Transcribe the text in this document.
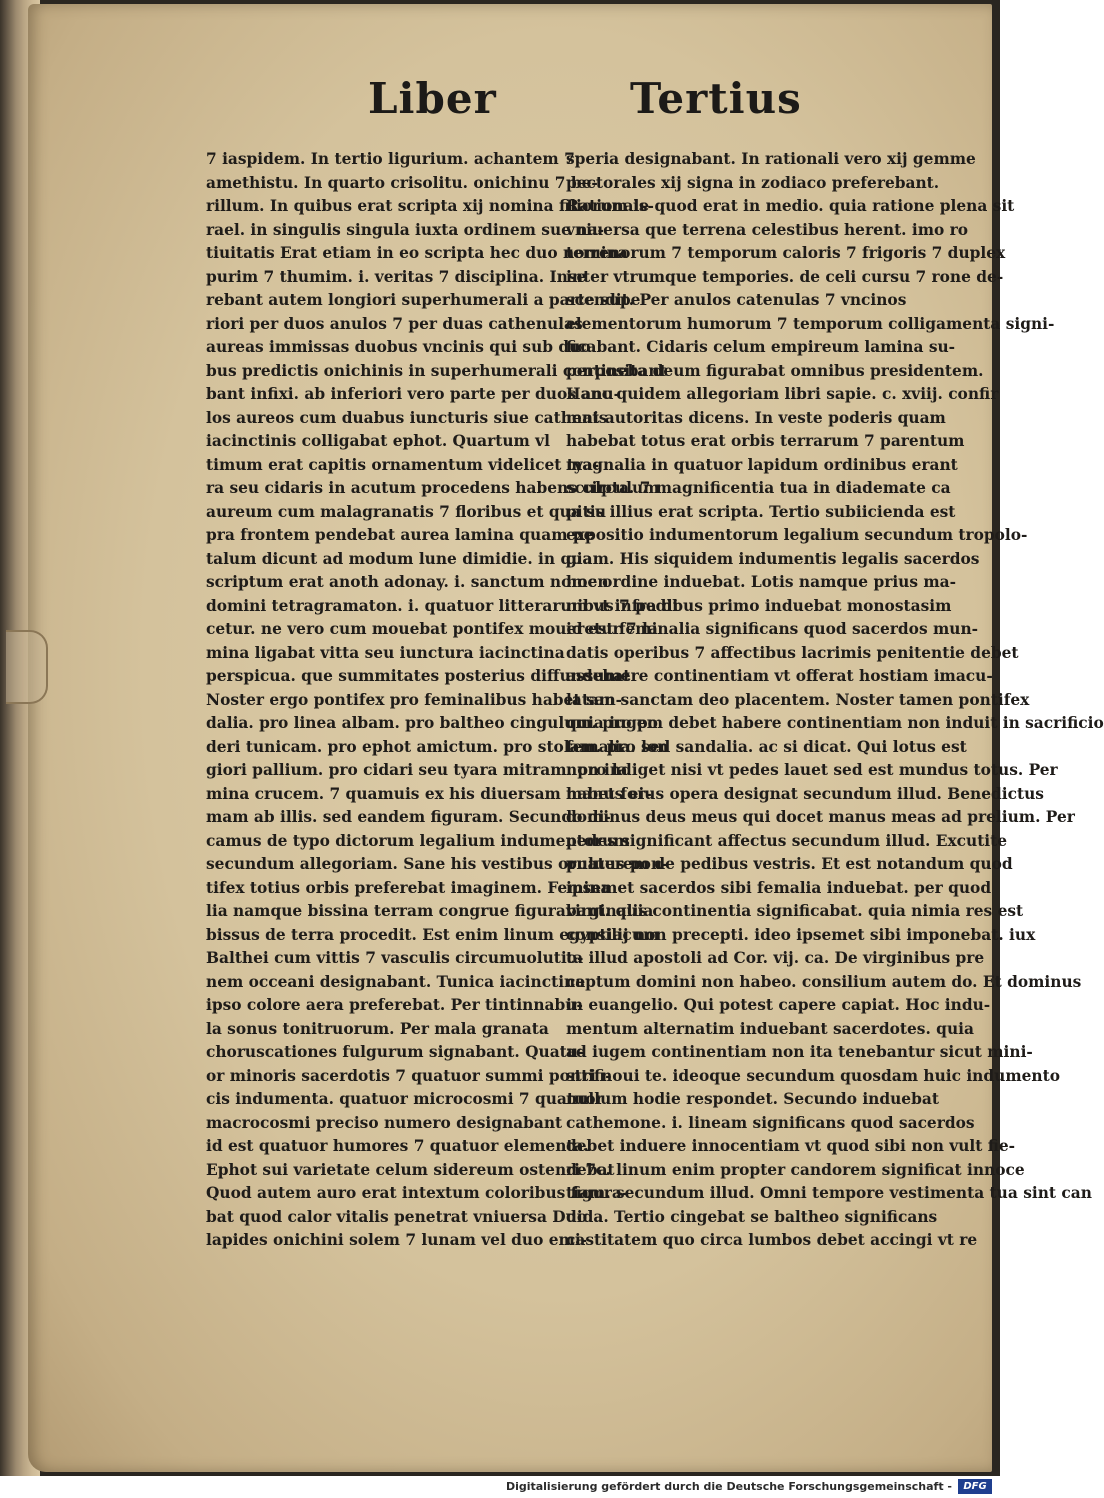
Liber	Tertius
7 iaspidem. In tertio ligurium. achantem 7
amethistu. In quarto crisolitu. onichinu 7 be-
rillum. In quibus erat scripta xij nomina filiorum is-
rael. in singulis singula iuxta ordinem sue na-
tiuitatis Erat etiam in eo scripta hec duo nomina
purim 7 thumim. i. veritas 7 disciplina. Inse
rebant autem longiori superhumerali a parte supe
riori per duos anulos 7 per duas cathenulas
aureas immissas duobus vncinis qui sub duo
bus predictis onichinis in superhumerali continebant
bant infixi. ab inferiori vero parte per duos anu-
los aureos cum duabus iuncturis siue cathenis
iacinctinis colligabat ephot. Quartum vl
timum erat capitis ornamentum videlicet tya-
ra seu cidaris in acutum procedens habens circulum
aureum cum malagranatis 7 floribus et qua su
pra frontem pendebat aurea lamina quam pe
talum dicunt ad modum lune dimidie. in qua
scriptum erat anoth adonay. i. sanctum nomen
domini tetragramaton. i. quatuor litterarum vt infra di
cetur. ne vero cum mouebat pontifex moueretur 7 la
mina ligabat vitta seu iunctura iacinctina
perspicua. que summitates posterius diffundebat
Noster ergo pontifex pro feminalibus habet san-
dalia. pro linea albam. pro baltheo cingulum. pro po
deri tunicam. pro ephot amictum. pro stolam. pro lon
giori pallium. pro cidari seu tyara mitram. pro la
mina crucem. 7 quamuis ex his diuersam habet for-
mam ab illis. sed eandem figuram. Secundo di-
camus de typo dictorum legalium indumentorum
secundum allegoriam. Sane his vestibus ornatus pon-
tifex totius orbis preferebat imaginem. Femina
lia namque bissina terram congrue figurabant. quia
bissus de terra procedit. Est enim linum egyptiacum
Balthei cum vittis 7 vasculis circumuolutio-
nem occeani designabant. Tunica iacinctina
ipso colore aera preferebat. Per tintinnabu-
la sonus tonitruorum. Per mala granata
choruscationes fulgurum signabant. Quatu-
or minoris sacerdotis 7 quatuor summi pontifi-
cis indumenta. quatuor microcosmi 7 quatuor
macrocosmi preciso numero designabant
id est quatuor humores 7 quatuor elementa.
Ephot sui varietate celum sidereum ostendebat
Quod autem auro erat intextum coloribus figura-
bat quod calor vitalis penetrat vniuersa Duo
lapides onichini solem 7 lunam vel duo emi-
speria designabant. In rationali vero xij gemme
pectorales xij signa in zodiaco preferebant.
Rationale quod erat in medio. quia ratione plena sit
vniuersa que terrena celestibus herent. imo ro
terrenorum 7 temporum caloris 7 frigoris 7 duplex
inter vtrumque tempories. de celi cursu 7 rone de-
scendit. Per anulos catenulas 7 vncinos
elementorum humorum 7 temporum colligamenta signi-
ficabant. Cidaris celum empireum lamina su-
perposita deum figurabat omnibus presidentem.
Hanc quidem allegoriam libri sapie. c. xviij. confir
mat autoritas dicens. In veste poderis quam
habebat totus erat orbis terrarum 7 parentum
magnalia in quatuor lapidum ordinibus erant
sculpta. 7 magnificentia tua in diademate ca
pitis illius erat scripta. Tertio subiicienda est
expositio indumentorum legalium secundum tropolo-
giam. His siquidem indumentis legalis sacerdos
hoc ordine induebat. Lotis namque prius ma-
nibus 7 pedibus primo induebat monostasim
id est feminalia significans quod sacerdos mun-
datis operibus 7 affectibus lacrimis penitentie debet
assumere continentiam vt offerat hostiam imacu-
latam sanctam deo placentem. Noster tamen pontifex
quia iugem debet habere continentiam non induit in sacrificio
femalia. sed sandalia. ac si dicat. Qui lotus est
non indiget nisi vt pedes lauet sed est mundus totus. Per
manus eius opera designat secundum illud. Benedictus
dominus deus meus qui docet manus meas ad prelium. Per
pedes significant affectus secundum illud. Excutite
puluerem de pedibus vestris. Et est notandum quod
ipsemet sacerdos sibi femalia induebat. per quod
virginalis continentia significabat. quia nimia res est
consilij non precepti. ideo ipsemet sibi imponebat. iux
ta illud apostoli ad Cor. vij. ca. De virginibus pre
ceptum domini non habeo. consilium autem do. Et dominus
in euangelio. Qui potest capere capiat. Hoc indu-
mentum alternatim induebant sacerdotes. quia
ad iugem continentiam non ita tenebantur sicut mini-
stri noui te. ideoque secundum quosdam huic indumento
nullum hodie respondet. Secundo induebat
cathemone. i. lineam significans quod sacerdos
debet induere innocentiam vt quod sibi non vult fie-
ri 7c. linum enim propter candorem significat innoce
tiam. secundum illud. Omni tempore vestimenta tua sint can
dida. Tertio cingebat se baltheo significans
castitatem quo circa lumbos debet accingi vt re
Digitalisierung gefördert durch die Deutsche Forschungsgemeinschaft -	DFG
